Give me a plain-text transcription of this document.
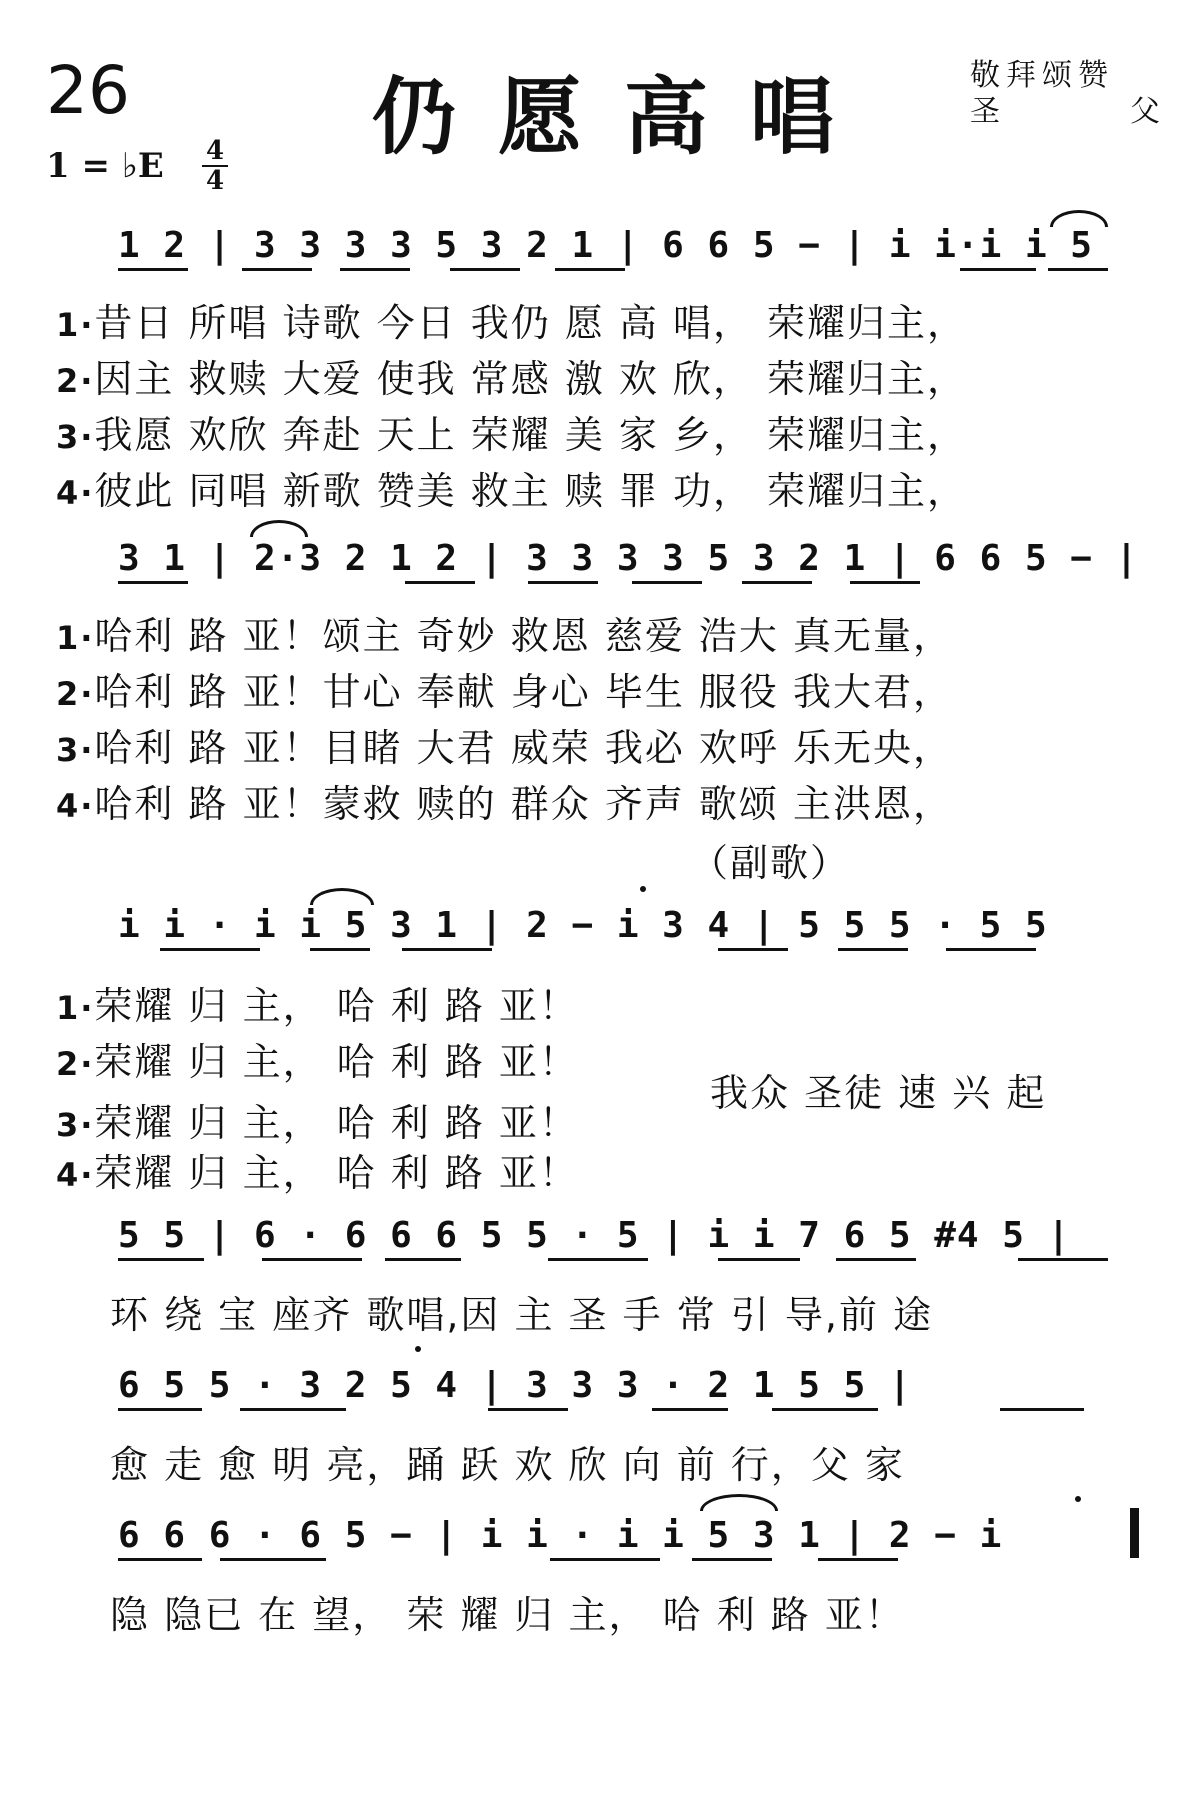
26	仍愿高唱	敬拜颂赞
圣	父
1 = ♭E 4
4
1 2 | 3 3 3 3 5 3 2 1 | 6 6 5 − | i i·i i 5
1·昔日 所唱 诗歌 今日 我仍 愿 高 唱， 荣耀归主，
2·因主 救赎 大爱 使我 常感 激 欢 欣， 荣耀归主，
3·我愿 欢欣 奔赴 天上 荣耀 美 家 乡， 荣耀归主，
4·彼此 同唱 新歌 赞美 救主 赎 罪 功， 荣耀归主，
3 1 | 2·3 2 1 2 | 3 3 3 3 5 3 2 1 | 6 6 5 − |
1·哈利 路 亚！颂主 奇妙 救恩 慈爱 浩大 真无量，
2·哈利 路 亚！甘心 奉献 身心 毕生 服役 我大君，
3·哈利 路 亚！目睹 大君 威荣 我必 欢呼 乐无央，
4·哈利 路 亚！蒙救 赎的 群众 齐声 歌颂 主洪恩，
（副歌）
i i · i i 5 3 1 | 2 − i 3 4 | 5 5 5 · 5 5
1·荣耀 归 主， 哈 利 路 亚！
2·荣耀 归 主， 哈 利 路 亚！
3·荣耀 归 主， 哈 利 路 亚！
4·荣耀 归 主， 哈 利 路 亚！
我众 圣徒 速 兴 起
5 5 | 6 · 6 6 6 5 5 · 5 | i i 7 6 5 #4 5 |
环 绕 宝 座齐 歌唱,因 主 圣 手 常 引 导,前 途
6 5 5 · 3 2 5 4 | 3 3 3 · 2 1 5 5 |
愈 走 愈 明 亮，踊 跃 欢 欣 向 前 行，父 家
6 6 6 · 6 5 − | i i · i i 5 3 1 | 2 − i
隐 隐已 在 望， 荣 耀 归 主， 哈 利 路 亚！
